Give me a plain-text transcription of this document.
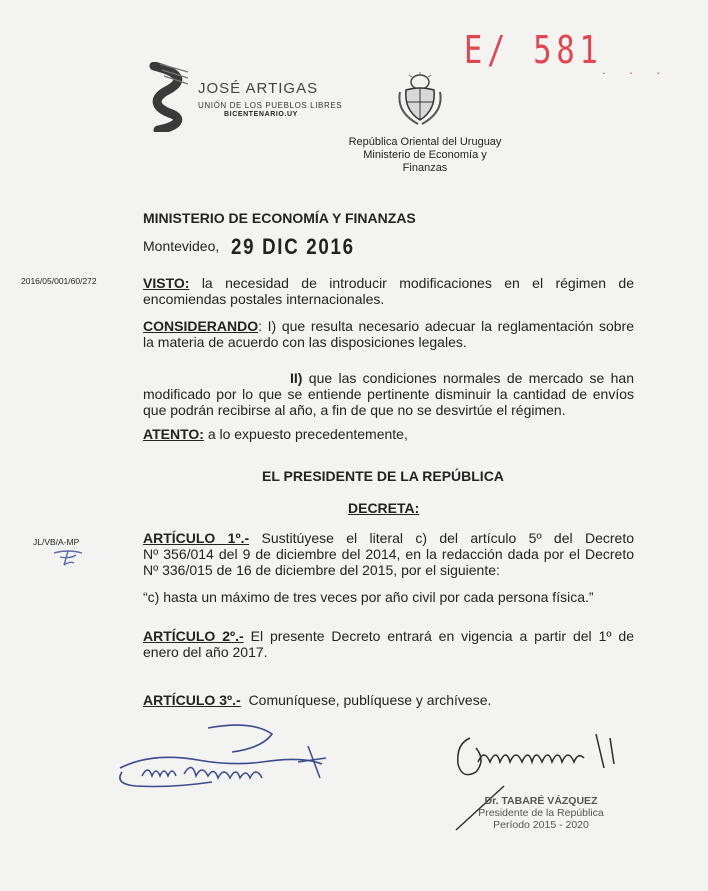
E/ 581 . . .
JOSÉ ARTIGAS
UNIÓN DE LOS PUEBLOS LIBRES
BICENTENARIO.UY
República Oriental del Uruguay
Ministerio de Economía y Finanzas
MINISTERIO DE ECONOMÍA Y FINANZAS
Montevideo, 29 DIC 2016
2016/05/001/60/272
JL/VB/A-MP
VISTO: la necesidad de introducir modificaciones en el régimen de
encomiendas postales internacionales.
CONSIDERANDO: I) que resulta necesario adecuar la reglamentación sobre
la materia de acuerdo con las disposiciones legales.
II) que las condiciones normales de mercado se han
modificado por lo que se entiende pertinente disminuir la cantidad de envíos
que podrán recibirse al año, a fin de que no se desvirtúe el régimen.
ATENTO: a lo expuesto precedentemente,
EL PRESIDENTE DE LA REPÚBLICA
DECRETA:
ARTÍCULO 1º.- Sustitúyese el literal c) del artículo 5º del Decreto
Nº 356/014 del 9 de diciembre del 2014, en la redacción dada por el Decreto
Nº 336/015 de 16 de diciembre del 2015, por el siguiente:
“c) hasta un máximo de tres veces por año civil por cada persona física.”
ARTÍCULO 2º.- El presente Decreto entrará en vigencia a partir del 1º de
enero del año 2017.
ARTÍCULO 3º.- Comuníquese, publíquese y archívese.
Dr. TABARÉ VÁZQUEZ
Presidente de la República
Período 2015 - 2020
